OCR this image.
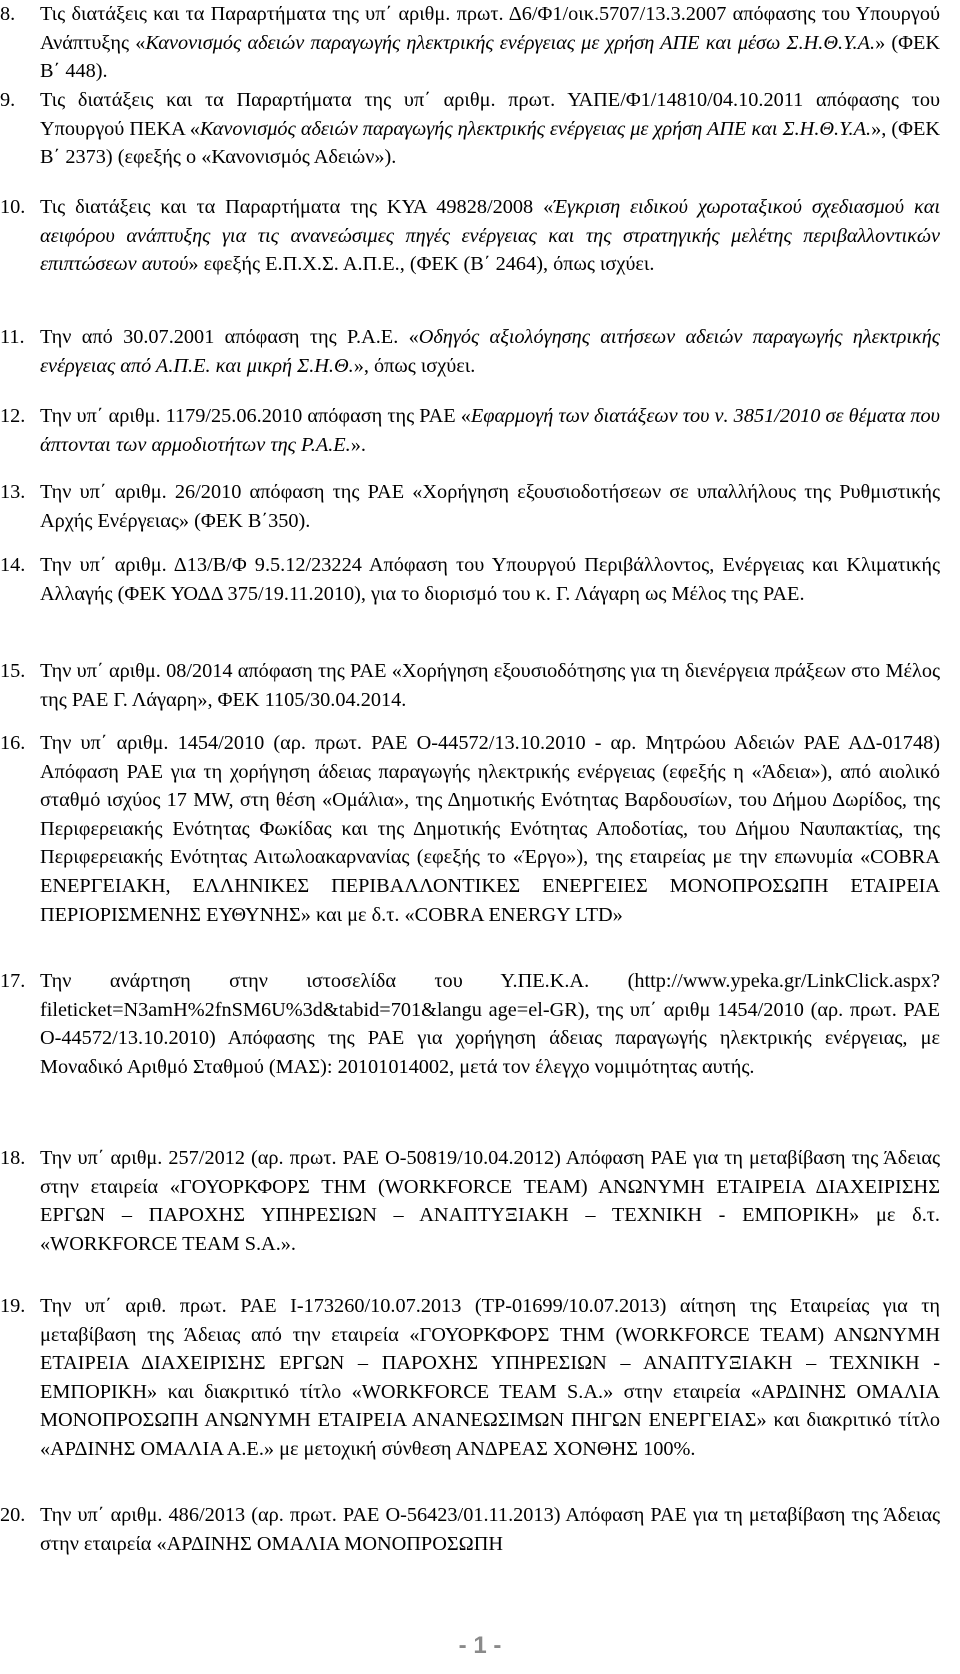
8.	Τις διατάξεις και τα Παραρτήματα της υπ΄ αριθμ. πρωτ. Δ6/Φ1/οικ.5707/13.3.2007 απόφασης του Υπουργού Ανάπτυξης «Κανονισμός αδειών παραγωγής ηλεκτρικής ενέργειας με χρήση ΑΠΕ και μέσω Σ.Η.Θ.Υ.Α.» (ΦΕΚ Β΄ 448).
9.	Τις διατάξεις και τα Παραρτήματα της υπ΄ αριθμ. πρωτ. ΥΑΠΕ/Φ1/14810/04.10.2011 απόφασης του Υπουργού ΠΕΚΑ «Κανονισμός αδειών παραγωγής ηλεκτρικής ενέργειας με χρήση ΑΠΕ και Σ.Η.Θ.Υ.Α.», (ΦΕΚ Β΄ 2373) (εφεξής ο «Κανονισμός Αδειών»).
10. Τις διατάξεις και τα Παραρτήματα της ΚΥΑ 49828/2008 «Έγκριση ειδικού χωροταξικού σχεδιασμού και αειφόρου ανάπτυξης για τις ανανεώσιμες πηγές ενέργειας και της στρατηγικής μελέτης περιβαλλοντικών επιπτώσεων αυτού» εφεξής Ε.Π.Χ.Σ. Α.Π.Ε., (ΦΕΚ (Β΄ 2464), όπως ισχύει.
11. Την από 30.07.2001 απόφαση της Ρ.Α.Ε. «Οδηγός αξιολόγησης αιτήσεων αδειών παραγωγής ηλεκτρικής ενέργειας από Α.Π.Ε. και μικρή Σ.Η.Θ.», όπως ισχύει.
12. Την υπ΄ αριθμ. 1179/25.06.2010 απόφαση της ΡΑΕ «Εφαρμογή των διατάξεων του ν. 3851/2010 σε θέματα που άπτονται των αρμοδιοτήτων της Ρ.Α.Ε.».
13. Την υπ΄ αριθμ. 26/2010 απόφαση της ΡΑΕ «Χορήγηση εξουσιοδοτήσεων σε υπαλλήλους της Ρυθμιστικής Αρχής Ενέργειας» (ΦΕΚ Β΄350).
14. Την υπ΄ αριθμ. Δ13/Β/Φ 9.5.12/23224 Απόφαση του Υπουργού Περιβάλλοντος, Ενέργειας και Κλιματικής Αλλαγής (ΦΕΚ ΥΟΔΔ 375/19.11.2010), για το διορισμό του κ. Γ. Λάγαρη ως Μέλος της ΡΑΕ.
15. Την υπ΄ αριθμ. 08/2014 απόφαση της ΡΑΕ «Χορήγηση εξουσιοδότησης για τη διενέργεια πράξεων στο Μέλος της ΡΑΕ Γ. Λάγαρη», ΦΕΚ 1105/30.04.2014.
16. Την υπ΄ αριθμ. 1454/2010 (αρ. πρωτ. ΡΑΕ Ο-44572/13.10.2010 - αρ. Μητρώου Αδειών ΡΑΕ ΑΔ-01748) Απόφαση ΡΑΕ για τη χορήγηση άδειας παραγωγής ηλεκτρικής ενέργειας (εφεξής η «Άδεια»), από αιολικό σταθμό ισχύος 17 MW, στη θέση «Ομάλια», της Δημοτικής Ενότητας Βαρδουσίων, του Δήμου Δωρίδος, της Περιφερειακής Ενότητας Φωκίδας και της Δημοτικής Ενότητας Αποδοτίας, του Δήμου Ναυπακτίας, της Περιφερειακής Ενότητας Αιτωλοακαρνανίας (εφεξής το «Έργο»), της εταιρείας με την επωνυμία «COBRA ΕΝΕΡΓΕΙΑΚΗ, ΕΛΛΗΝΙΚΕΣ ΠΕΡΙΒΑΛΛΟΝΤΙΚΕΣ ΕΝΕΡΓΕΙΕΣ ΜΟΝΟΠΡΟΣΩΠΗ ΕΤΑΙΡΕΙΑ ΠΕΡΙΟΡΙΣΜΕΝΗΣ ΕΥΘΥΝΗΣ» και με δ.τ. «COBRA ENERGY LTD»
17. Την ανάρτηση στην ιστοσελίδα του Υ.ΠΕ.Κ.Α. (http://www.ypeka.gr/LinkClick.aspx?fileticket=N3amH%2fnSM6U%3d&tabid=701&langu age=el-GR), της υπ΄ αριθμ 1454/2010 (αρ. πρωτ. ΡΑΕ Ο-44572/13.10.2010) Απόφασης της ΡΑΕ για χορήγηση άδειας παραγωγής ηλεκτρικής ενέργειας, με Μοναδικό Αριθμό Σταθμού (ΜΑΣ): 20101014002, μετά τον έλεγχο νομιμότητας αυτής.
18. Την υπ΄ αριθμ. 257/2012 (αρ. πρωτ. ΡΑΕ Ο-50819/10.04.2012) Απόφαση ΡΑΕ για τη μεταβίβαση της Άδειας στην εταιρεία «ΓΟΥΟΡΚΦΟΡΣ ΤΗΜ (WORKFORCE TEAM) ΑΝΩΝΥΜΗ ΕΤΑΙΡΕΙΑ ΔΙΑΧΕΙΡΙΣΗΣ ΕΡΓΩΝ – ΠΑΡΟΧΗΣ ΥΠΗΡΕΣΙΩΝ – ΑΝΑΠΤΥΞΙΑΚΗ – ΤΕΧΝΙΚΗ - ΕΜΠΟΡΙΚΗ» με δ.τ. «WORKFORCE TEAM S.A.».
19. Την υπ΄ αριθ. πρωτ. ΡΑΕ Ι-173260/10.07.2013 (ΤΡ-01699/10.07.2013) αίτηση της Εταιρείας για τη μεταβίβαση της Άδειας από την εταιρεία «ΓΟΥΟΡΚΦΟΡΣ ΤΗΜ (WORKFORCE TEAM) ΑΝΩΝΥΜΗ ΕΤΑΙΡΕΙΑ ΔΙΑΧΕΙΡΙΣΗΣ ΕΡΓΩΝ – ΠΑΡΟΧΗΣ ΥΠΗΡΕΣΙΩΝ – ΑΝΑΠΤΥΞΙΑΚΗ – ΤΕΧΝΙΚΗ - ΕΜΠΟΡΙΚΗ» και διακριτικό τίτλο «WORKFORCE TEAM S.A.» στην εταιρεία «ΑΡΔΙΝΗΣ ΟΜΑΛΙΑ ΜΟΝΟΠΡΟΣΩΠΗ ΑΝΩΝΥΜΗ ΕΤΑΙΡΕΙΑ ΑΝΑΝΕΩΣΙΜΩΝ ΠΗΓΩΝ ΕΝΕΡΓΕΙΑΣ» και διακριτικό τίτλο «ΑΡΔΙΝΗΣ ΟΜΑΛΙΑ Α.Ε.» με μετοχική σύνθεση ΑΝΔΡΕΑΣ ΧΟΝΘΗΣ 100%.
20. Την υπ΄ αριθμ. 486/2013 (αρ. πρωτ. ΡΑΕ Ο-56423/01.11.2013) Απόφαση ΡΑΕ για τη μεταβίβαση της Άδειας στην εταιρεία «ΑΡΔΙΝΗΣ ΟΜΑΛΙΑ ΜΟΝΟΠΡΟΣΩΠΗ
- 1 -
